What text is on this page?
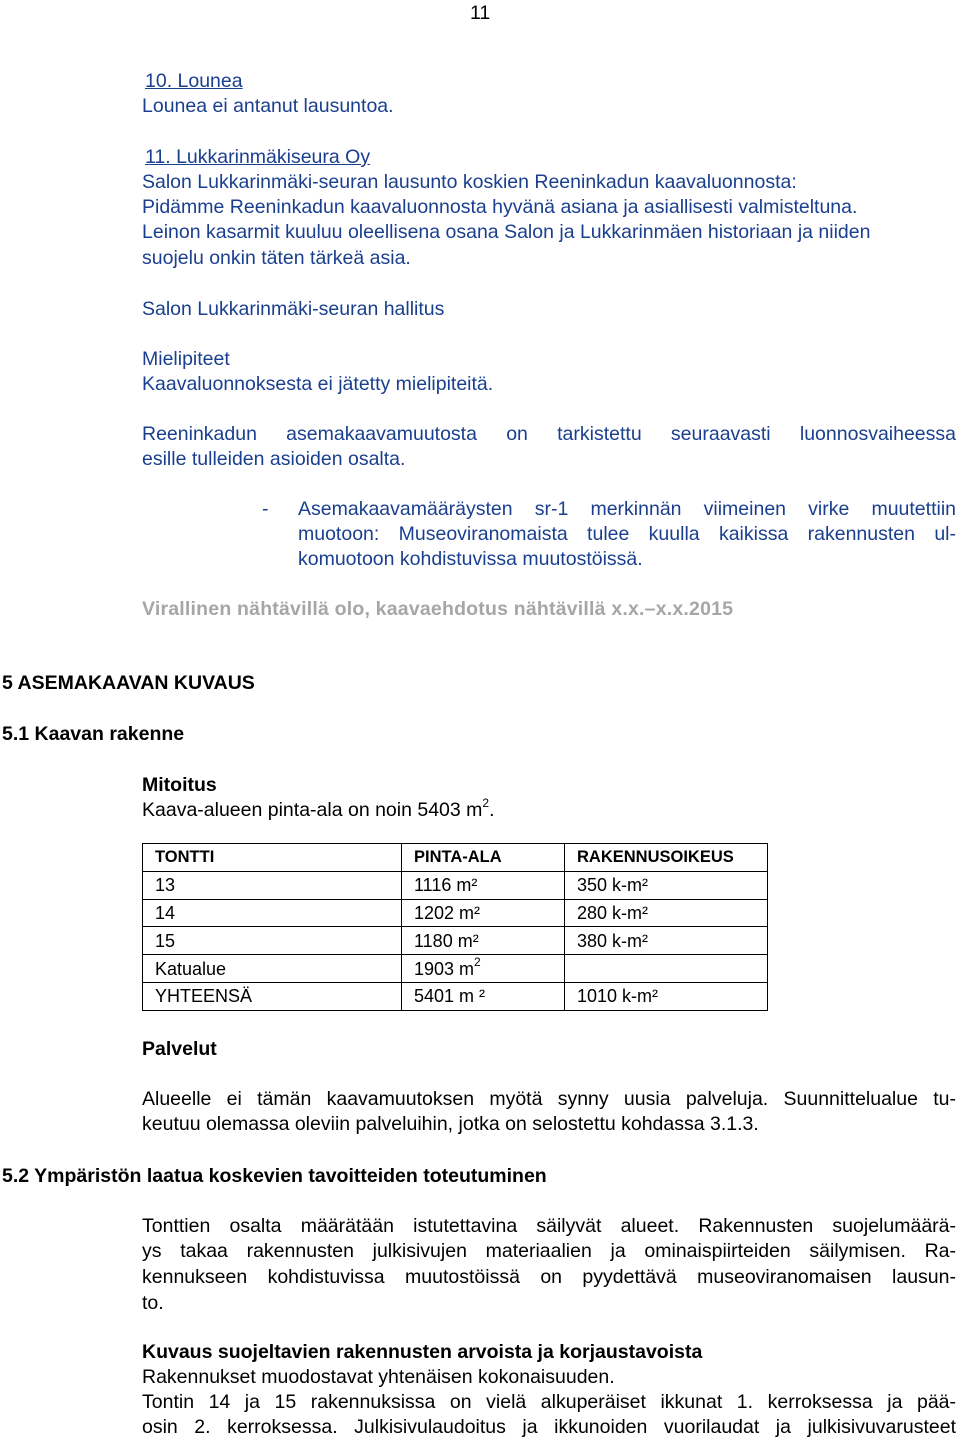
11
10. Lounea
Lounea ei antanut lausuntoa.
11. Lukkarinmäkiseura Oy
Salon Lukkarinmäki-seuran lausunto koskien Reeninkadun kaavaluonnosta:
Pidämme Reeninkadun kaavaluonnosta hyvänä asiana ja asiallisesti valmisteltuna.
Leinon kasarmit kuuluu oleellisena osana Salon ja Lukkarinmäen historiaan ja niiden
suojelu onkin täten tärkeä asia.
Salon Lukkarinmäki-seuran hallitus
Mielipiteet
Kaavaluonnoksesta ei jätetty mielipiteitä.
Reeninkadun asemakaavamuutosta on tarkistettu seuraavasti luonnosvaiheessa
esille tulleiden asioiden osalta.
- Asemakaavamääräysten sr-1 merkinnän viimeinen virke muutettiin
muotoon: Museoviranomaista tulee kuulla kaikissa rakennusten ul-
komuotoon kohdistuvissa muutostöissä.
Virallinen nähtävillä olo, kaavaehdotus nähtävillä x.x.–x.x.2015
5 ASEMAKAAVAN KUVAUS
5.1 Kaavan rakenne
Mitoitus
Kaava-alueen pinta-ala on noin 5403 $m^2$.
TONTTI	PINTA-ALA	RAKENNUSOIKEUS
13	1116 m²	350 k-m²
14	1202 m²	280 k-m²
15	1180 m²	380 k-m²
Katualue	1903 $m^2$	
YHTEENSÄ	5401 m ²	1010 k-m²
Palvelut
Alueelle ei tämän kaavamuutoksen myötä synny uusia palveluja. Suunnittelualue tu-
keutuu olemassa oleviin palveluihin, jotka on selostettu kohdassa 3.1.3.
5.2 Ympäristön laatua koskevien tavoitteiden toteutuminen
Tonttien osalta määrätään istutettavina säilyvät alueet. Rakennusten suojelumäärä-
ys takaa rakennusten julkisivujen materiaalien ja ominaispiirteiden säilymisen. Ra-
kennukseen kohdistuvissa muutostöissä on pyydettävä museoviranomaisen lausun-
to.
Kuvaus suojeltavien rakennusten arvoista ja korjaustavoista
Rakennukset muodostavat yhtenäisen kokonaisuuden.
Tontin 14 ja 15 rakennuksissa on vielä alkuperäiset ikkunat 1. kerroksessa ja pää-
osin 2. kerroksessa. Julkisivulaudoitus ja ikkunoiden vuorilaudat ja julkisivuvarusteet
